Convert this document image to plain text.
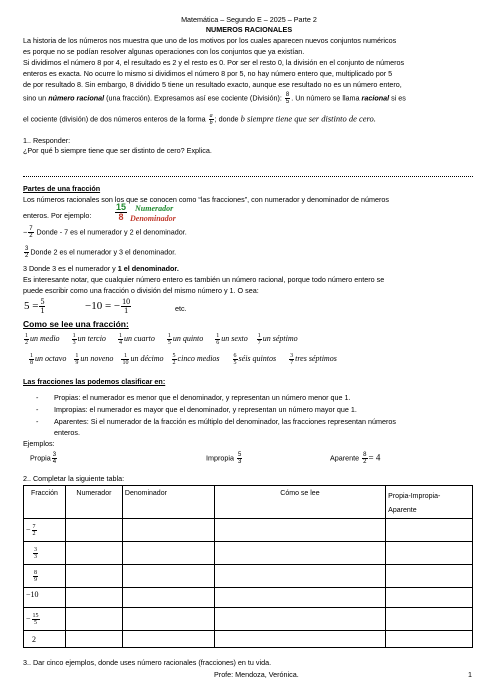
Matemática – Segundo E – 2025 – Parte 2
NUMEROS RACIONALES
La historia de los números nos muestra que uno de los motivos por los cuales aparecen nuevos conjuntos numéricos
es porque no se podían resolver algunas operaciones con los conjuntos que ya existían.
Si dividimos el número 8 por 4, el resultado es 2 y el resto es 0. Por ser el resto 0, la división en el conjunto de números
enteros es exacta. No ocurre lo mismo si dividimos el número 8 por 5, no hay número entero que, multiplicado por 5
de por resultado 8. Sin embargo, 8 dividido 5 tiene un resultado exacto, aunque ese resultado no es un número entero,
sino un número racional (una fracción). Expresamos así ese cociente (División): $\frac{8}{5}$ . Un número se llama racional si es
el cociente (división) de dos números enteros de la forma $\frac{a}{b}$ ; donde b siempre tiene que ser distinto de cero.
1.. Responder:
¿Por qué b siempre tiene que ser distinto de cero? Explica.
Partes de una fracción
Los números racionales son los que se conocen como “las fracciones”, con numerador y denominador de números
enteros. Por ejemplo:	$\frac{15}{8}$ Numerador
Denominador
− $\frac{7}{2}$ Donde - 7 es el numerador y 2 el denominador.
$\frac{3}{2}$ Donde 2 es el numerador y 3 el denominador.
3 Donde 3 es el numerador y 1 el denominador.
Es interesante notar, que cualquier número entero es también un número racional, porque todo número entero se
puede escribir como una fracción o división del mismo número y 1. O sea:
$5 = \frac{5}{1}$	−10 = − $\frac{10}{1}$	etc.
Como se lee una fracción:
$\frac{1}{2}$ un medio $\frac{1}{3}$ un tercio $\frac{1}{4}$ un cuarto $\frac{1}{5}$ un quinto $\frac{1}{6}$ un sexto $\frac{1}{7}$ un séptimo
$\frac{1}{8}$ un octavo $\frac{1}{9}$ un noveno $\frac{1}{10}$ un décimo $\frac{5}{2}$ cinco medios $\frac{6}{5}$ séis quintos $\frac{3}{7}$ tres séptimos
Las fracciones las podemos clasificar en:
- Propias: el numerador es menor que el denominador, y representan un número menor que 1.
- Impropias: el numerador es mayor que el denominador, y representan un número mayor que 1.
- Aparentes: Si el numerador de la fracción es múltiplo del denominador, las fracciones representan números
enteros.
Ejemplos:
Propia $\frac{3}{4}$	Impropia $\frac{5}{3}$	Aparente $\frac{8}{2} = 4$
2.. Completar la siguiente tabla:
Fracción	Numerador	Denominador	Cómo se lee	Propia-Impropia-
Aparente
− $\frac{7}{2}$

$\frac{3}{3}$

$\frac{8}{9}$

−10				
− $\frac{15}{5}$

2				
3.. Dar cinco ejemplos, donde uses número racionales (fracciones) en tu vida.
Profe: Mendoza, Verónica.	1
